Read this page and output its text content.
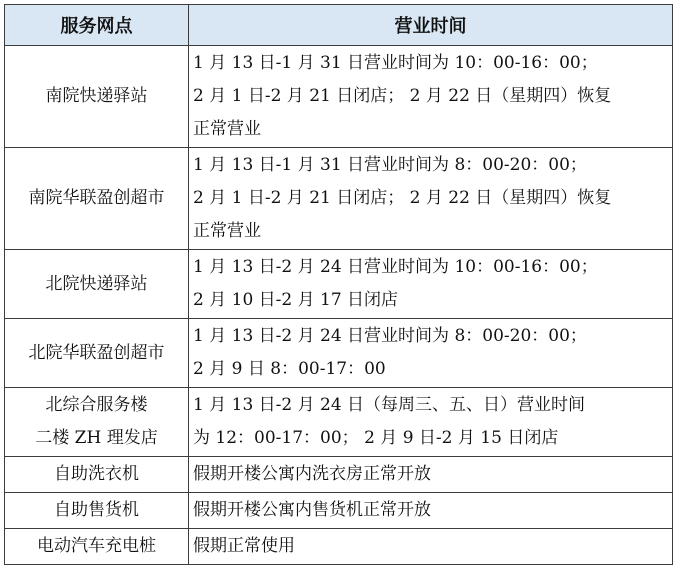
服务网点	营业时间

南院快递驿站	1 月 13 日-1 月 31 日营业时间为 10：00-16：00；
2 月 1 日-2 月 21 日闭店； 2 月 22 日（星期四）恢复
正常营业

南院华联盈创超市	1 月 13 日-1 月 31 日营业时间为 8：00-20：00；
2 月 1 日-2 月 21 日闭店； 2 月 22 日（星期四）恢复
正常营业

北院快递驿站	1 月 13 日-2 月 24 日营业时间为 10：00-16：00；
2 月 10 日-2 月 17 日闭店

北院华联盈创超市	1 月 13 日-2 月 24 日营业时间为 8：00-20：00；
2 月 9 日 8：00-17：00

北综合服务楼
二楼 ZH 理发店	1 月 13 日-2 月 24 日（每周三、五、日）营业时间
为 12：00-17：00； 2 月 9 日-2 月 15 日闭店

自助洗衣机	假期开楼公寓内洗衣房正常开放

自助售货机	假期开楼公寓内售货机正常开放

电动汽车充电桩	假期正常使用
